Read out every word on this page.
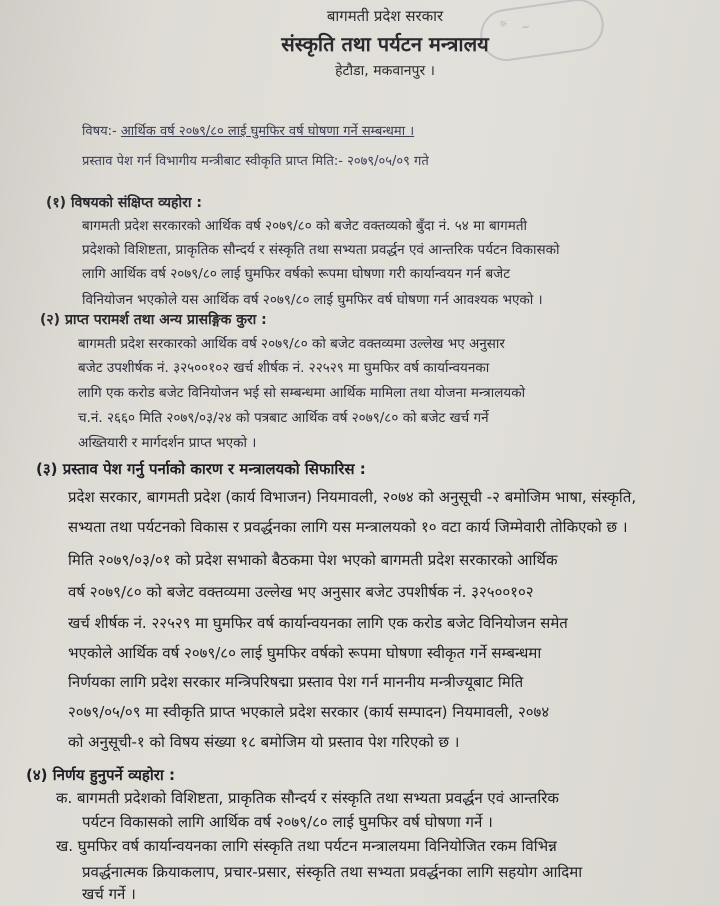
☼ ~
बागमती प्रदेश सरकार
संस्कृति तथा पर्यटन मन्त्रालय
हेटौडा, मकवानपुर ।
विषय:- आर्थिक वर्ष २०७९/८० लाई घुमफिर वर्ष घोषणा गर्ने सम्बन्धमा ।
प्रस्ताव पेश गर्न विभागीय मन्त्रीबाट स्वीकृति प्राप्त मिति:- २०७९/०५/०९ गते
(१) विषयको संक्षिप्त व्यहोरा :
बागमती प्रदेश सरकारको आर्थिक वर्ष २०७९/८० को बजेट वक्तव्यको बुँदा नं. ५४ मा बागमती
प्रदेशको विशिष्टता, प्राकृतिक सौन्दर्य र संस्कृति तथा सभ्यता प्रवर्द्धन एवं आन्तरिक पर्यटन विकासको
लागि आर्थिक वर्ष २०७९/८० लाई घुमफिर वर्षको रूपमा घोषणा गरी कार्यान्वयन गर्न बजेट
विनियोजन भएकोले यस आर्थिक वर्ष २०७९/८० लाई घुमफिर वर्ष घोषणा गर्न आवश्यक भएको ।
(२) प्राप्त परामर्श तथा अन्य प्रासङ्गिक कुरा :
बागमती प्रदेश सरकारको आर्थिक वर्ष २०७९/८० को बजेट वक्तव्यमा उल्लेख भए अनुसार
बजेट उपशीर्षक नं. ३२५००१०२ खर्च शीर्षक नं. २२५२९ मा घुमफिर वर्ष कार्यान्वयनका
लागि एक करोड बजेट विनियोजन भई सो सम्बन्धमा आर्थिक मामिला तथा योजना मन्त्रालयको
च.नं. २६६० मिति २०७९/०३/२४ को पत्रबाट आर्थिक वर्ष २०७९/८० को बजेट खर्च गर्ने
अख्तियारी र मार्गदर्शन प्राप्त भएको ।
(३) प्रस्ताव पेश गर्नु पर्नाको कारण र मन्त्रालयको सिफारिस :
प्रदेश सरकार, बागमती प्रदेश (कार्य विभाजन) नियमावली, २०७४ को अनुसूची -२ बमोजिम भाषा, संस्कृति,
सभ्यता तथा पर्यटनको विकास र प्रवर्द्धनका लागि यस मन्त्रालयको १० वटा कार्य जिम्मेवारी तोकिएको छ ।
मिति २०७९/०३/०१ को प्रदेश सभाको बैठकमा पेश भएको बागमती प्रदेश सरकारको आर्थिक
वर्ष २०७९/८० को बजेट वक्तव्यमा उल्लेख भए अनुसार बजेट उपशीर्षक नं. ३२५००१०२
खर्च शीर्षक नं. २२५२९ मा घुमफिर वर्ष कार्यान्वयनका लागि एक करोड बजेट विनियोजन समेत
भएकोले आर्थिक वर्ष २०७९/८० लाई घुमफिर वर्षको रूपमा घोषणा स्वीकृत गर्ने सम्बन्धमा
निर्णयका लागि प्रदेश सरकार मन्त्रिपरिषद्मा प्रस्ताव पेश गर्न माननीय मन्त्रीज्यूबाट मिति
२०७९/०५/०९ मा स्वीकृति प्राप्त भएकाले प्रदेश सरकार (कार्य सम्पादन) नियमावली, २०७४
को अनुसूची-१ को विषय संख्या १८ बमोजिम यो प्रस्ताव पेश गरिएको छ ।
(४) निर्णय हुनुपर्ने व्यहोरा :
क. बागमती प्रदेशको विशिष्टता, प्राकृतिक सौन्दर्य र संस्कृति तथा सभ्यता प्रवर्द्धन एवं आन्तरिक
पर्यटन विकासको लागि आर्थिक वर्ष २०७९/८० लाई घुमफिर वर्ष घोषणा गर्ने ।
ख. घुमफिर वर्ष कार्यान्वयनका लागि संस्कृति तथा पर्यटन मन्त्रालयमा विनियोजित रकम विभिन्न
प्रवर्द्धनात्मक क्रियाकलाप, प्रचार-प्रसार, संस्कृति तथा सभ्यता प्रवर्द्धनका लागि सहयोग आदिमा
खर्च गर्ने ।
